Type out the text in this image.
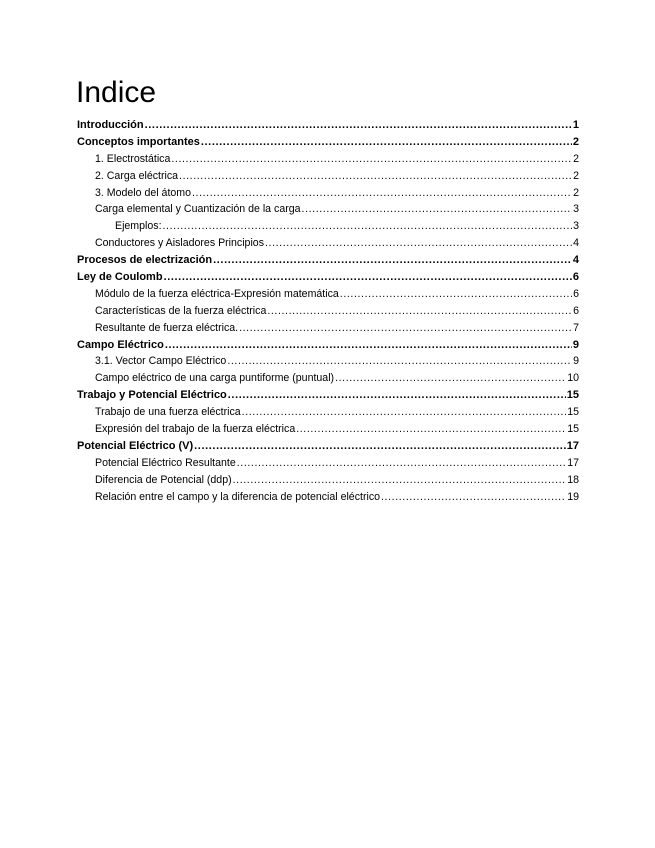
Indice
Introducción .....	1
Conceptos importantes .....	2
1. Electrostática .....	2
2. Carga eléctrica .....	2
3. Modelo del átomo .....	2
Carga elemental y Cuantización de la carga .....	3
Ejemplos: .....	3
Conductores y Aisladores Principios .....	4
Procesos de electrización .....	4
Ley de Coulomb .....	6
Módulo de la fuerza eléctrica-Expresión matemática .....	6
Características de la fuerza eléctrica .....	6
Resultante de fuerza eléctrica. .....	7
Campo Eléctrico .....	9
3.1. Vector Campo Eléctrico .....	9
Campo eléctrico de una carga puntiforme (puntual) .....	10
Trabajo y Potencial Eléctrico .....	15
Trabajo de una fuerza eléctrica .....	15
Expresión del trabajo de la fuerza eléctrica .....	15
Potencial Eléctrico (V) .....	17
Potencial Eléctrico Resultante .....	17
Diferencia de Potencial (ddp) .....	18
Relación entre el campo y la diferencia de potencial eléctrico .....	19
